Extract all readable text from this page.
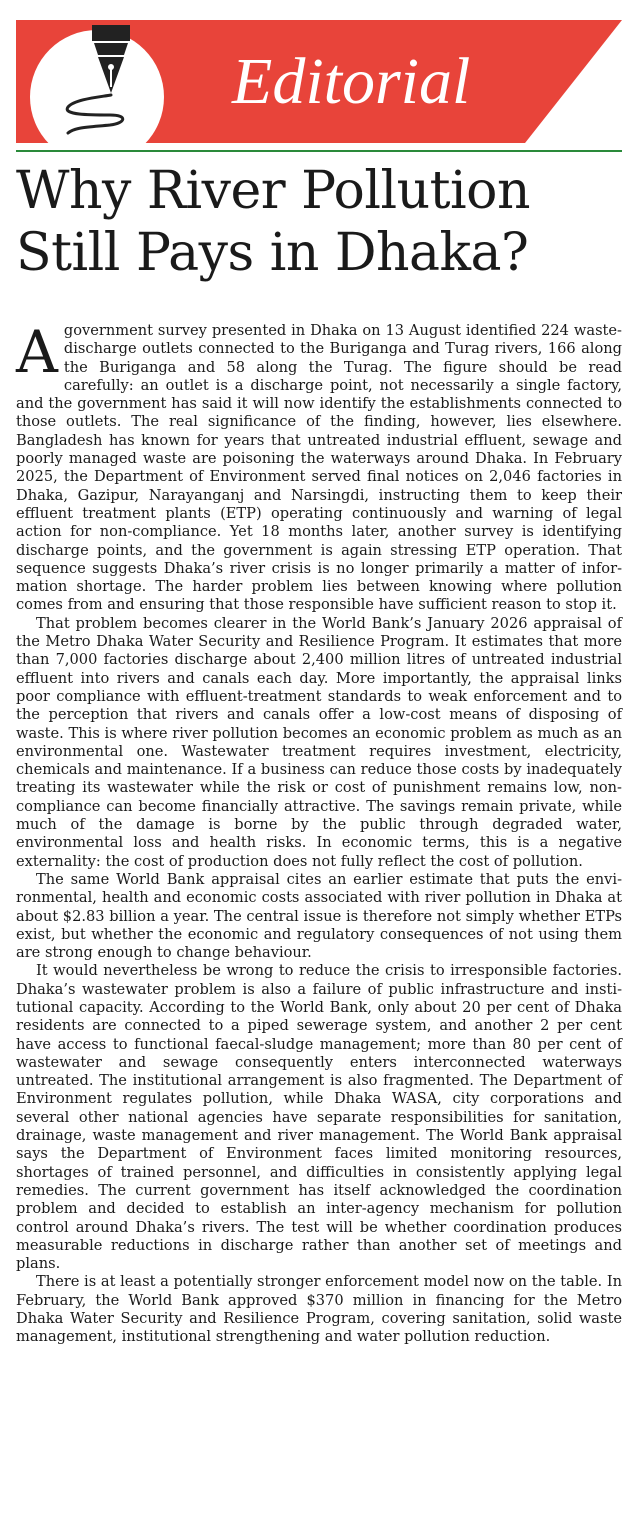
Editorial
Why River Pollution Still Pays in Dhaka?

A government survey presented in Dhaka on 13 August identified 224 waste-discharge outlets connected to the Buriganga and Turag rivers, 166 along the Buriganga and 58 along the Turag. The figure should be read carefully: an outlet is a discharge point, not necessarily a single factory, and the government has said it will now identify the establishments connected to those outlets. The real significance of the finding, however, lies elsewhere. Bangladesh has known for years that untreated industrial effluent, sewage and poorly managed waste are poisoning the waterways around Dhaka. In February 2025, the Department of Environment served final notices on 2,046 factories in Dhaka, Gazipur, Narayanganj and Narsingdi, instructing them to keep their effluent treatment plants (ETP) operating continuously and warning of legal action for non-compliance. Yet 18 months later, another survey is identifying discharge points, and the government is again stressing ETP operation. That sequence suggests Dhaka’s river crisis is no longer primarily a matter of information shortage. The harder problem lies between knowing where pollution comes from and ensuring that those responsible have sufficient reason to stop it.

That problem becomes clearer in the World Bank’s January 2026 appraisal of the Metro Dhaka Water Security and Resilience Program. It estimates that more than 7,000 factories discharge about 2,400 million litres of untreated industrial effluent into rivers and canals each day. More importantly, the appraisal links poor compliance with effluent-treatment standards to weak enforcement and to the perception that rivers and canals offer a low-cost means of disposing of waste. This is where river pollution becomes an economic problem as much as an environmental one. Wastewater treatment requires investment, electricity, chemicals and maintenance. If a business can reduce those costs by inadequately treating its wastewater while the risk or cost of punishment remains low, non-compliance can become financially attractive. The savings remain private, while much of the damage is borne by the public through degraded water, environmental loss and health risks. In economic terms, this is a negative externality: the cost of production does not fully reflect the cost of pollution.

The same World Bank appraisal cites an earlier estimate that puts the environmental, health and economic costs associated with river pollution in Dhaka at about $2.83 billion a year. The central issue is therefore not simply whether ETPs exist, but whether the economic and regulatory consequences of not using them are strong enough to change behaviour.

It would nevertheless be wrong to reduce the crisis to irresponsible factories. Dhaka’s wastewater problem is also a failure of public infrastructure and institutional capacity. According to the World Bank, only about 20 per cent of Dhaka residents are connected to a piped sewerage system, and another 2 per cent have access to functional faecal-sludge management; more than 80 per cent of wastewater and sewage consequently enters interconnected waterways untreated. The institutional arrangement is also fragmented. The Department of Environment regulates pollution, while Dhaka WASA, city corporations and several other national agencies have separate responsibilities for sanitation, drainage, waste management and river management. The World Bank appraisal says the Department of Environment faces limited monitoring resources, shortages of trained personnel, and difficulties in consistently applying legal remedies. The current government has itself acknowledged the coordination problem and decided to establish an inter-agency mechanism for pollution control around Dhaka’s rivers. The test will be whether coordination produces measurable reductions in discharge rather than another set of meetings and plans.

There is at least a potentially stronger enforcement model now on the table. In February, the World Bank approved $370 million in financing for the Metro Dhaka Water Security and Resilience Program, covering sanitation, solid waste management, institutional strengthening and water pollution reduction.
